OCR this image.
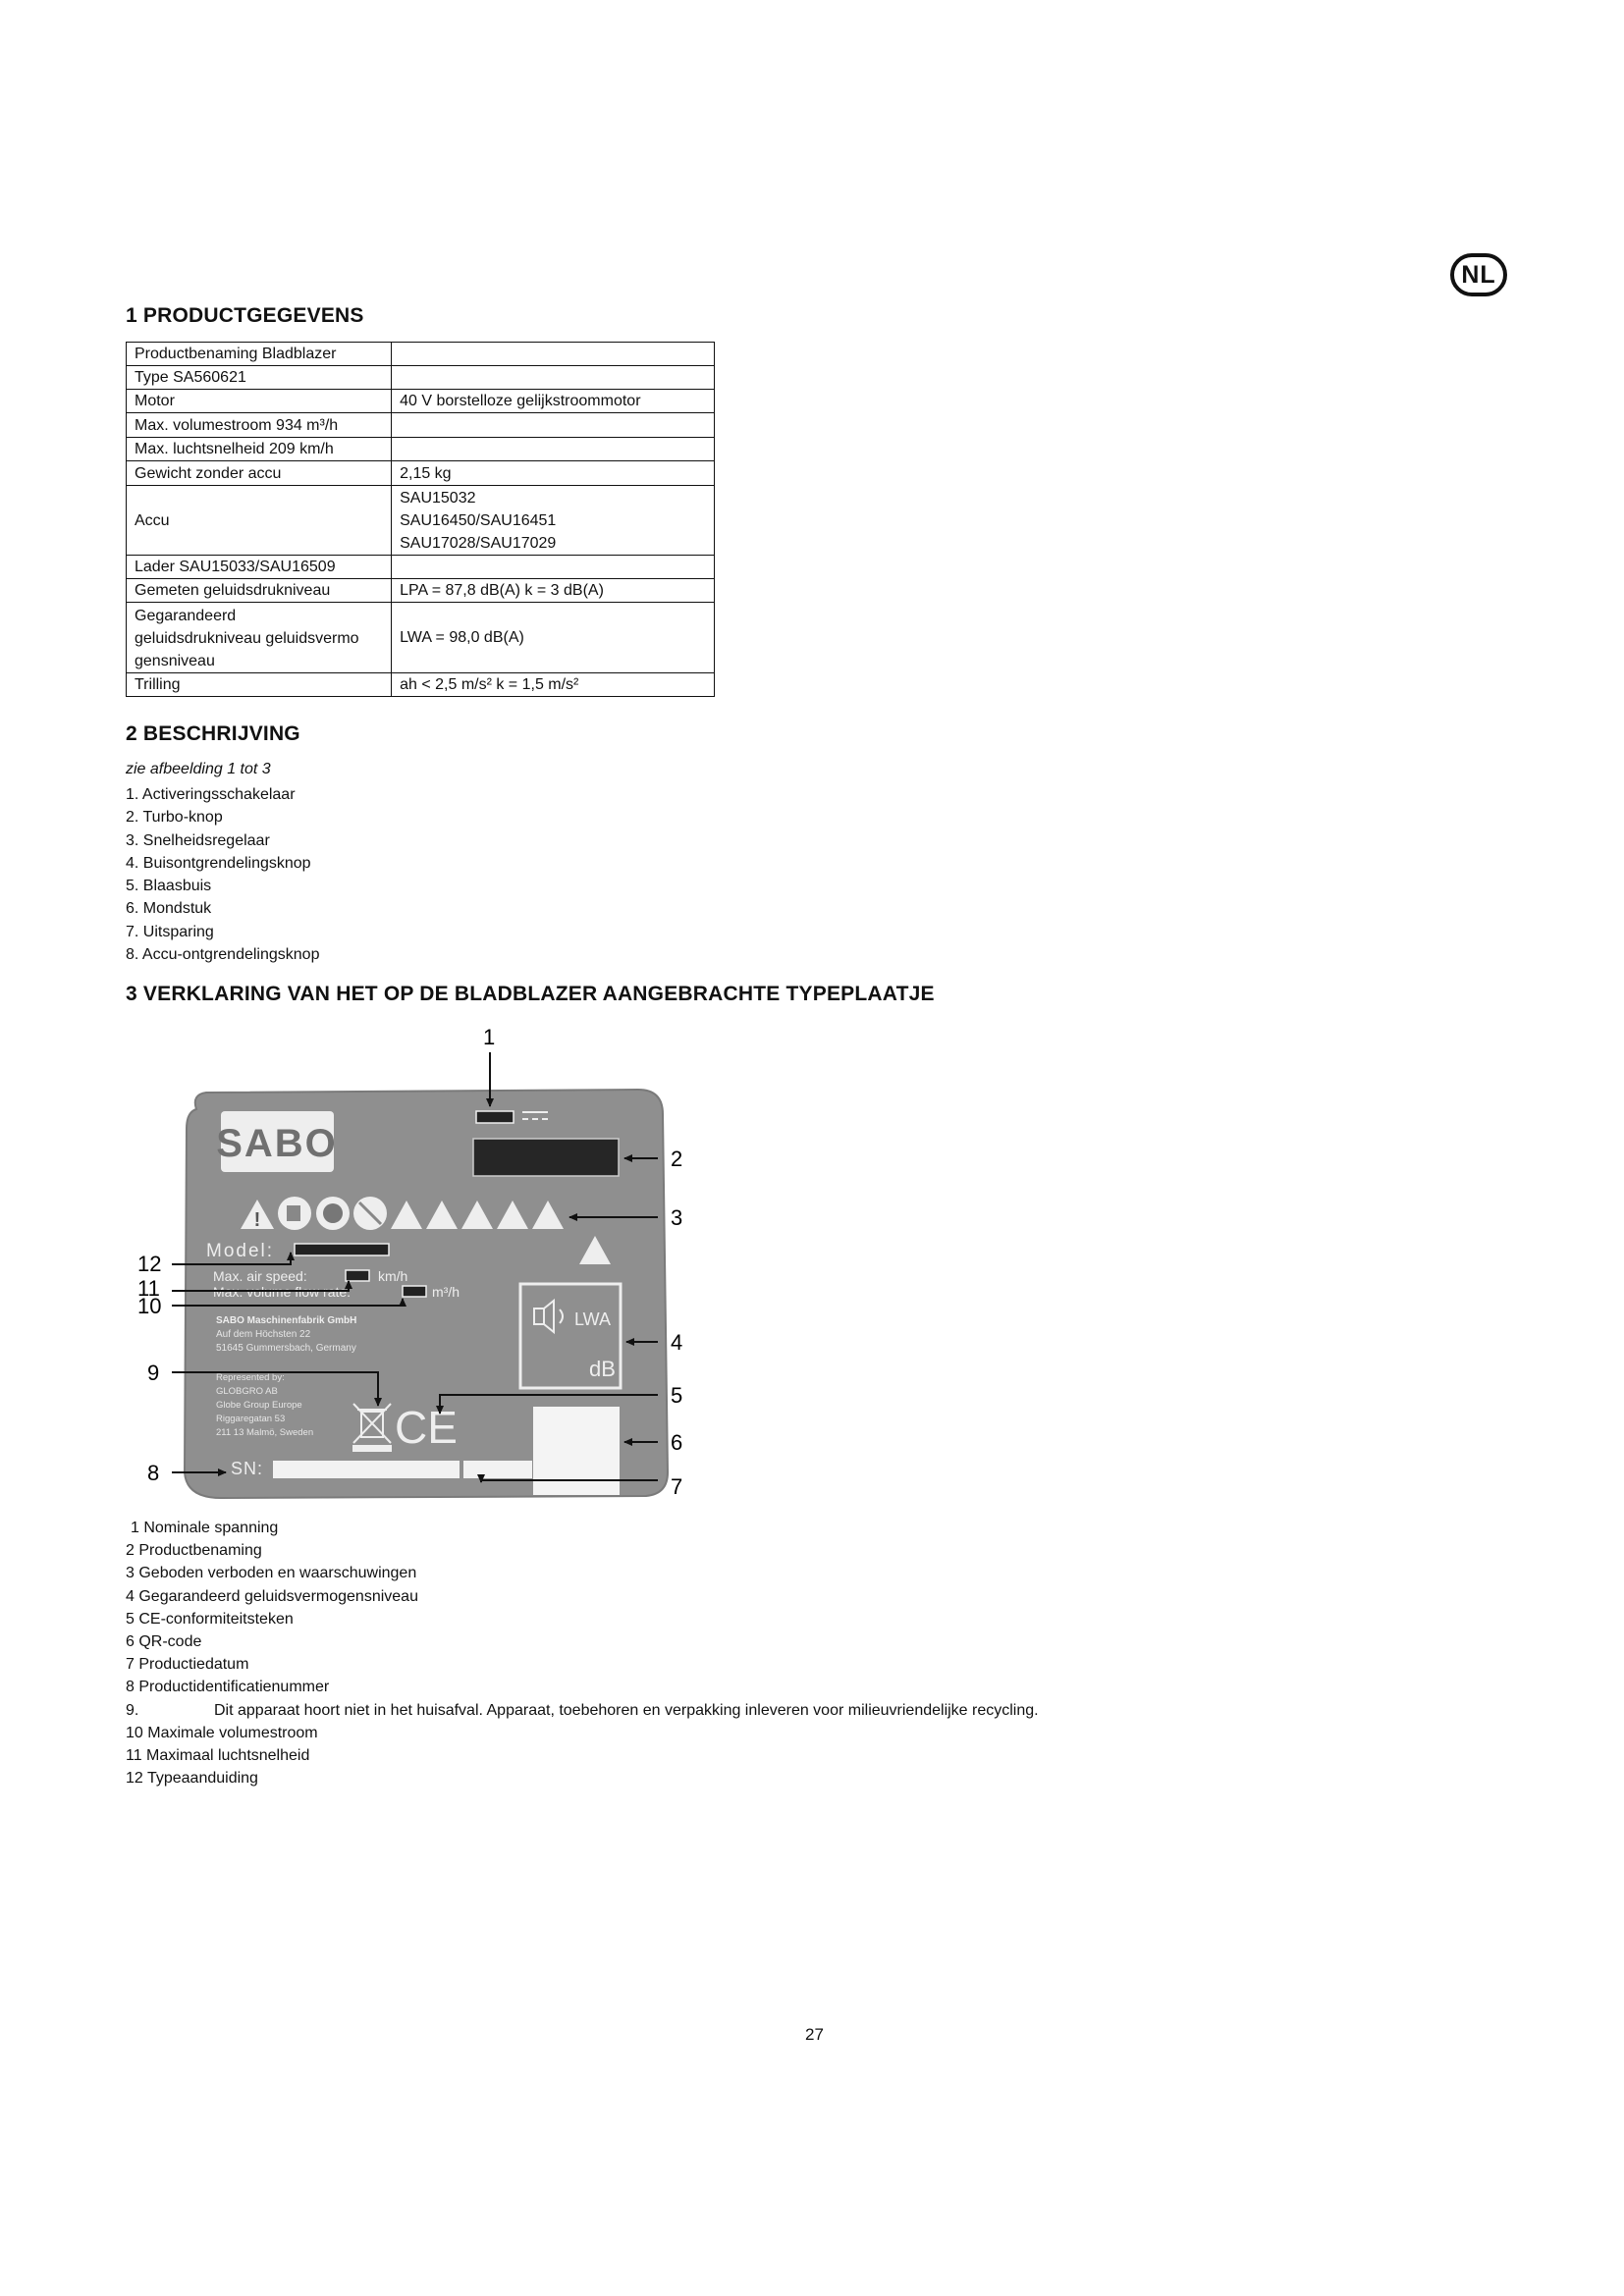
NL
1 PRODUCTGEGEVENS
Productbenaming Bladblazer	
Type SA560621	
Motor	40 V borstelloze gelijkstroommotor
Max. volumestroom 934 m³/h	
Max. luchtsnelheid 209 km/h	
Gewicht zonder accu	2,15 kg
Accu	SAU15032
SAU16450/SAU16451
SAU17028/SAU17029

Lader SAU15033/SAU16509	
Gemeten geluidsdrukniveau	LPA = 87,8 dB(A) k = 3 dB(A)

Gegarandeerd
geluidsdrukniveau geluidsvermo
gensniveau	LWA = 98,0 dB(A)
Trilling	ah < 2,5 m/s² k = 1,5 m/s²
2 BESCHRIJVING
zie afbeelding 1 tot 3
1. Activeringsschakelaar
2. Turbo-knop
3. Snelheidsregelaar
4. Buisontgrendelingsknop
5. Blaasbuis
6. Mondstuk
7. Uitsparing
8. Accu-ontgrendelingsknop
3 VERKLARING VAN HET OP DE BLADBLAZER AANGEBRACHTE TYPEPLAATJE
SABO
!
Model:
Max. air speed:	km/h
Max. volume flow rate:	m³/h
SABO Maschinenfabrik GmbH
Auf dem Höchsten 22
51645 Gummersbach, Germany
Represented by:
GLOBGRO AB
Globe Group Europe
Riggaregatan 53
211 13 Malmö, Sweden CE
LWA
dB
SN:
1
2
3
4
5
6
7
8
9
10
11
12
1 Nominale spanning
2 Productbenaming
3 Geboden verboden en waarschuwingen
4 Gegarandeerd geluidsvermogensniveau
5 CE-conformiteitsteken
6 QR-code
7 Productiedatum
8 Productidentificatienummer
9.	Dit apparaat hoort niet in het huisafval. Apparaat, toebehoren en verpakking inleveren voor milieuvriendelijke recycling.
10 Maximale volumestroom
11 Maximaal luchtsnelheid
12 Typeaanduiding
27
